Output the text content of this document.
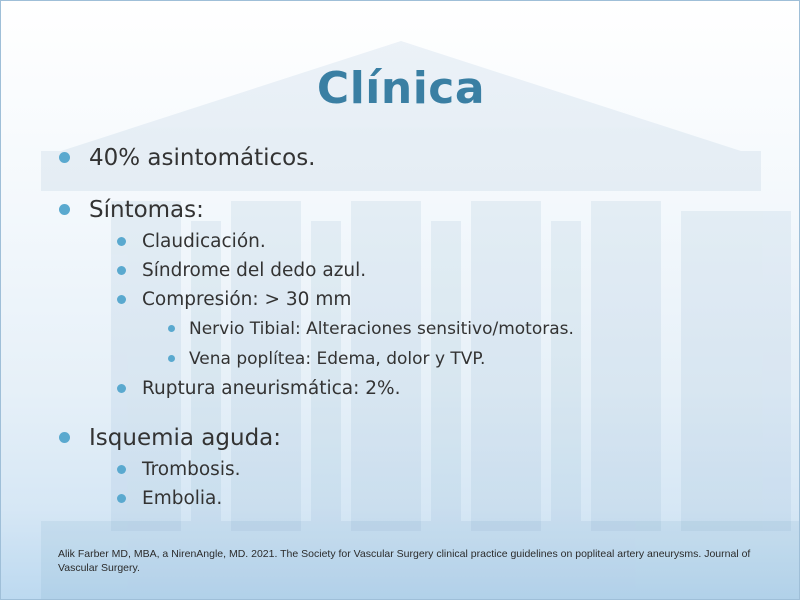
Clínica
40% asintomáticos.
Síntomas:
Claudicación.
Síndrome del dedo azul.
Compresión: > 30 mm
Nervio Tibial: Alteraciones sensitivo/motoras.
Vena poplítea: Edema, dolor y TVP.
Ruptura aneurismática: 2%.
Isquemia aguda:
Trombosis.
Embolia.

Alik Farber MD, MBA, a NirenAngle, MD. 2021. The Society for Vascular Surgery clinical practice guidelines on popliteal artery aneurysms. Journal of Vascular Surgery.
